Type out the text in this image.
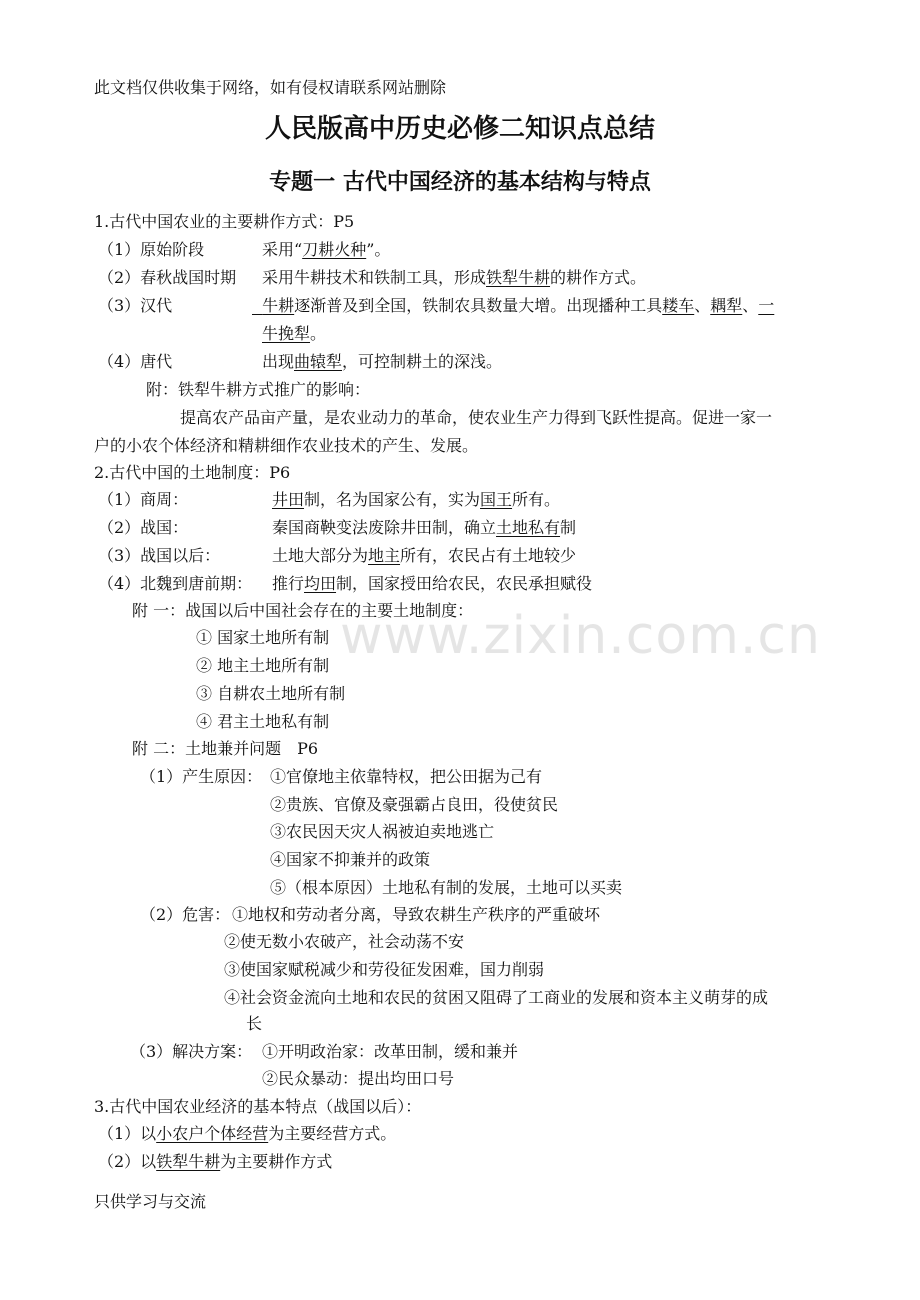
此文档仅供收集于网络，如有侵权请联系网站删除
人民版高中历史必修二知识点总结
专题一 古代中国经济的基本结构与特点
www.zixin.com.cn
1.古代中国农业的主要耕作方式：P5
（1）原始阶段	采用“刀耕火种”。
（2）春秋战国时期 采用牛耕技术和铁制工具，形成铁犁牛耕的耕作方式。
（3）汉代	牛耕逐渐普及到全国，铁制农具数量大增。出现播种工具耧车、耦犁、一
牛挽犁。
（4）唐代	出现曲辕犁，可控制耕土的深浅。
附：铁犁牛耕方式推广的影响：
提高农产品亩产量，是农业动力的革命，使农业生产力得到飞跃性提高。促进一家一
户的小农个体经济和精耕细作农业技术的产生、发展。
2.古代中国的土地制度：P6
（1）商周：	井田制，名为国家公有，实为国王所有。
（2）战国：	秦国商鞅变法废除井田制，确立土地私有制
（3）战国以后：	土地大部分为地主所有，农民占有土地较少
（4）北魏到唐前期： 推行均田制，国家授田给农民，农民承担赋役
附 一：战国以后中国社会存在的主要土地制度：
① 国家土地所有制
② 地主土地所有制
③ 自耕农土地所有制
④ 君主土地私有制
附 二：土地兼并问题　P6
（1）产生原因： ①官僚地主依靠特权，把公田据为己有
②贵族、官僚及豪强霸占良田，役使贫民
③农民因天灾人祸被迫卖地逃亡
④国家不抑兼并的政策
⑤（根本原因）土地私有制的发展，土地可以买卖
（2）危害： ①地权和劳动者分离，导致农耕生产秩序的严重破坏
②使无数小农破产，社会动荡不安
③使国家赋税减少和劳役征发困难，国力削弱
④社会资金流向土地和农民的贫困又阻碍了工商业的发展和资本主义萌芽的成
长
（3）解决方案： ①开明政治家：改革田制，缓和兼并
②民众暴动：提出均田口号
3.古代中国农业经济的基本特点（战国以后）：
（1）以小农户个体经营为主要经营方式。
（2）以铁犁牛耕为主要耕作方式
只供学习与交流
